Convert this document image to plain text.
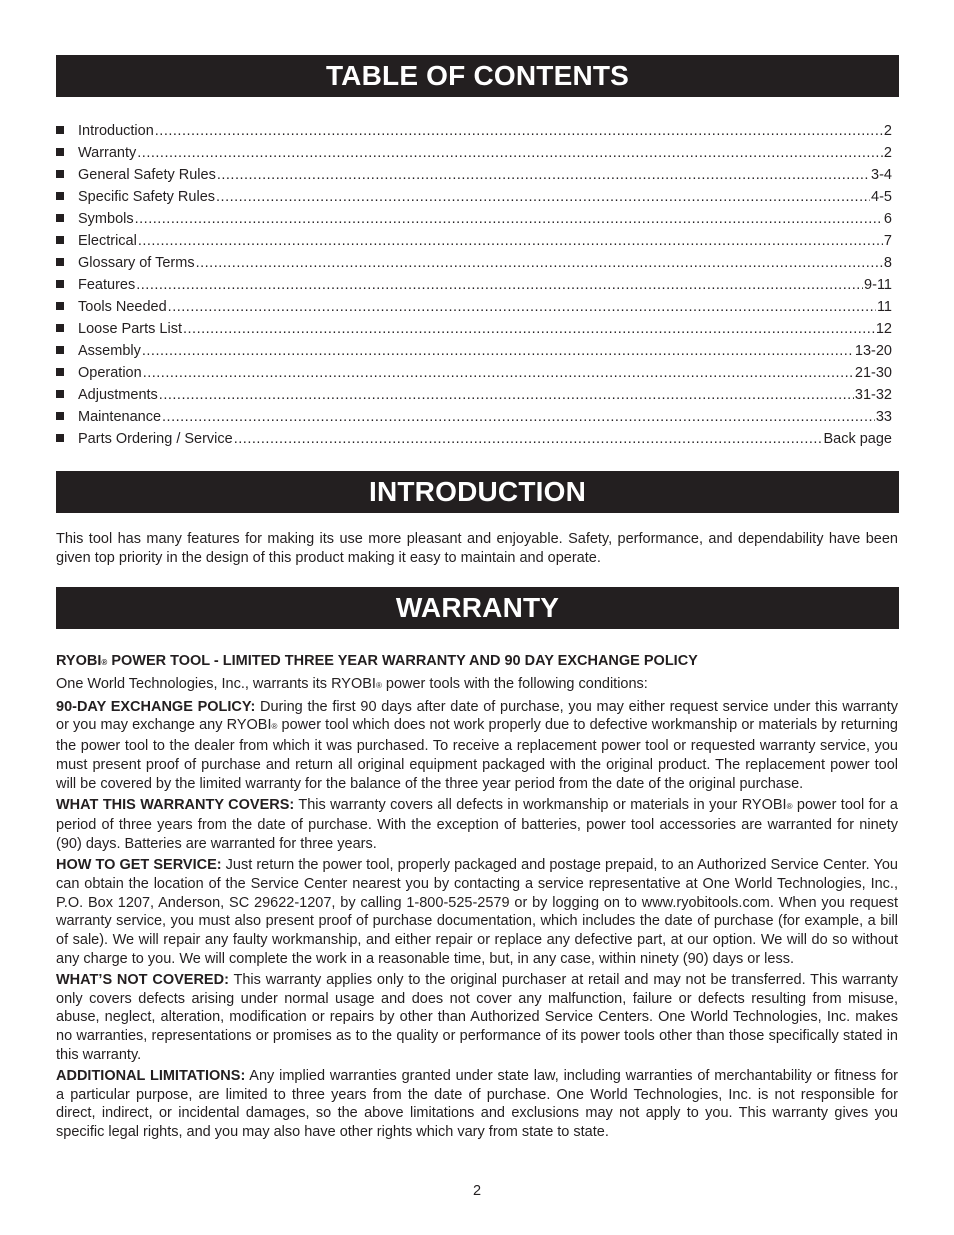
TABLE OF CONTENTS
Introduction .....	2
Warranty .....	2
General Safety Rules .....	3-4
Specific Safety Rules .....	4-5
Symbols .....	6
Electrical .....	7
Glossary of Terms .....	8
Features .....	9-11
Tools Needed .....	11
Loose Parts List .....	12
Assembly .....	13-20
Operation .....	21-30
Adjustments .....	31-32
Maintenance .....	33
Parts Ordering / Service .....	Back page
INTRODUCTION

This tool has many features for making its use more pleasant and enjoyable. Safety, performance, and dependability have been given top priority in the design of this product making it easy to maintain and operate.

WARRANTY

RYOBI® POWER TOOL - LIMITED THREE YEAR WARRANTY AND 90 DAY EXCHANGE POLICY

One World Technologies, Inc., warrants its RYOBI® power tools with the following conditions:

90-DAY EXCHANGE POLICY: During the first 90 days after date of purchase, you may either request service under this warranty or you may exchange any RYOBI® power tool which does not work properly due to defective workmanship or materials by returning the power tool to the dealer from which it was purchased. To receive a replacement power tool or requested warranty service, you must present proof of purchase and return all original equipment packaged with the original product. The replacement power tool will be covered by the limited warranty for the balance of the three year period from the date of the original purchase.

WHAT THIS WARRANTY COVERS: This warranty covers all defects in workmanship or materials in your RYOBI® power tool for a period of three years from the date of purchase. With the exception of batteries, power tool accessories are warranted for ninety (90) days. Batteries are warranted for three years.

HOW TO GET SERVICE: Just return the power tool, properly packaged and postage prepaid, to an Authorized Service Center. You can obtain the location of the Service Center nearest you by contacting a service representative at One World Technologies, Inc., P.O. Box 1207, Anderson, SC 29622-1207, by calling 1-800-525-2579 or by logging on to www.ryobitools.com. When you request warranty service, you must also present proof of purchase documentation, which includes the date of purchase (for example, a bill of sale). We will repair any faulty workmanship, and either repair or replace any defective part, at our option. We will do so without any charge to you. We will complete the work in a reasonable time, but, in any case, within ninety (90) days or less.

WHAT’S NOT COVERED: This warranty applies only to the original purchaser at retail and may not be transferred. This warranty only covers defects arising under normal usage and does not cover any malfunction, failure or defects resulting from misuse, abuse, neglect, alteration, modification or repairs by other than Authorized Service Centers. One World Technologies, Inc. makes no warranties, representations or promises as to the quality or performance of its power tools other than those specifically stated in this warranty.

ADDITIONAL LIMITATIONS: Any implied warranties granted under state law, including warranties of merchantability or fitness for a particular purpose, are limited to three years from the date of purchase. One World Technologies, Inc. is not responsible for direct, indirect, or incidental damages, so the above limitations and exclusions may not apply to you. This warranty gives you specific legal rights, and you may also have other rights which vary from state to state.

2
